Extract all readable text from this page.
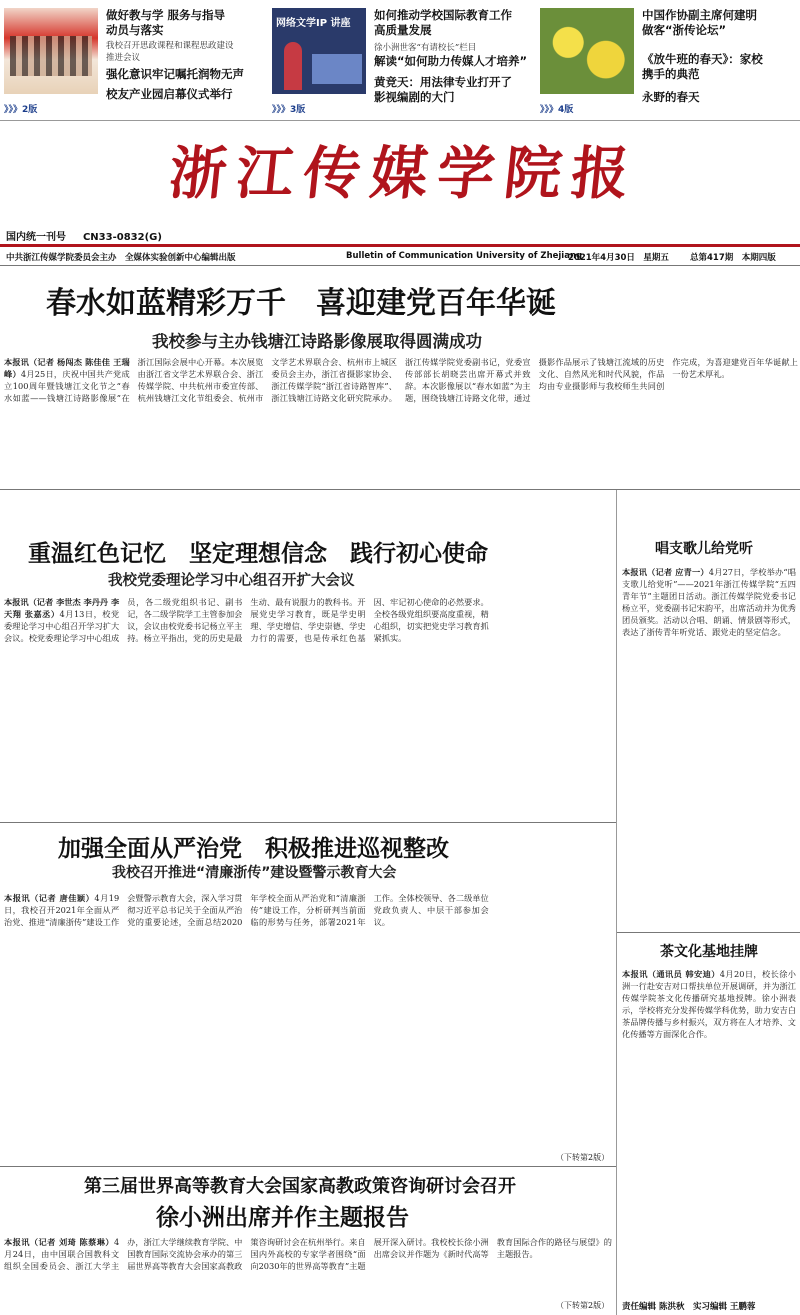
做好教与学 服务与指导
动员与落实
我校召开思政课程和课程思政建设
推进会议
强化意识牢记嘱托润物无声
校友产业园启幕仪式举行
》》》2版
网络文学IP 讲座
如何推动学校国际教育工作
高质量发展
徐小洲世客“有请校长”栏目
解读“如何助力传媒人才培养”
黄竞天：用法律专业打开了
影视编剧的大门
》》》3版
中国作协副主席何建明
做客“浙传论坛”
《放牛班的春天》：家校
携手的典范
永野的春天
》》》4版
浙江传媒学院报
国内统一刊号 CN33-0832(G)
中共浙江传媒学院委员会主办　全媒体实验创新中心编辑出版	Bulletin of Communication University of Zhejiang
2021年4月30日　星期五 总第417期　本期四版
春水如蓝精彩万千　喜迎建党百年华诞
我校参与主办钱塘江诗路影像展取得圆满成功
本报讯（记者 杨闯杰 陈佳佳 王瑞峰）4月25日，庆祝中国共产党成立100周年暨钱塘江文化节之“春水如蓝——钱塘江诗路影像展”在浙江国际会展中心开幕。本次展览由浙江省文学艺术界联合会、浙江传媒学院、中共杭州市委宣传部、杭州钱塘江文化节组委会、杭州市文学艺术界联合会、杭州市上城区委员会主办，浙江省摄影家协会、浙江传媒学院“浙江省诗路智库”、浙江钱塘江诗路文化研究院承办。浙江传媒学院党委副书记，党委宣传部部长胡晓芸出席开幕式并致辞。本次影像展以“春水如蓝”为主题，围绕钱塘江诗路文化带，通过摄影作品展示了钱塘江流域的历史文化、自然风光和时代风貌，作品均由专业摄影师与我校师生共同创作完成，为喜迎建党百年华诞献上一份艺术厚礼。
重温红色记忆　坚定理想信念　践行初心使命
我校党委理论学习中心组召开扩大会议
本报讯（记者 李世杰 李丹丹 李天翔 张嘉丞）4月13日，校党委理论学习中心组召开学习扩大会议。校党委理论学习中心组成员，各二级党组织书记、副书记，各二级学院学工主管参加会议，会议由校党委书记杨立平主持。杨立平指出，党的历史是最生动、最有说服力的教科书。开展党史学习教育，既是学史明理、学史增信、学史崇德、学史力行的需要，也是传承红色基因、牢记初心使命的必然要求。全校各级党组织要高度重视，精心组织，切实把党史学习教育抓紧抓实。
加强全面从严治党　积极推进巡视整改
我校召开推进“清廉浙传”建设暨警示教育大会
本报讯（记者 唐佳颖）4月19日，我校召开2021年全面从严治党、推进“清廉浙传”建设工作会暨警示教育大会，深入学习贯彻习近平总书记关于全面从严治党的重要论述，全面总结2020年学校全面从严治党和“清廉浙传”建设工作，分析研判当前面临的形势与任务，部署2021年工作。全体校领导、各二级单位党政负责人、中层干部参加会议。
（下转第2版）
第三届世界高等教育大会国家高教政策咨询研讨会召开
徐小洲出席并作主题报告
本报讯（记者 刘琦 陈蔡琳）4月24日，由中国联合国教科文组织全国委员会、浙江大学主办，浙江大学继续教育学院、中国教育国际交流协会承办的第三届世界高等教育大会国家高教政策咨询研讨会在杭州举行。来自国内外高校的专家学者围绕“面向2030年的世界高等教育”主题展开深入研讨。我校校长徐小洲出席会议并作题为《新时代高等教育国际合作的路径与展望》的主题报告。
（下转第2版）
唱支歌儿给党听
本报讯（记者 应青一）4月27日，学校举办“唱支歌儿给党听”——2021年浙江传媒学院“五四青年节”主题团日活动。浙江传媒学院党委书记杨立平，党委副书记宋韵平，出席活动并为优秀团员颁奖。活动以合唱、朗诵、情景剧等形式，表达了浙传青年听党话、跟党走的坚定信念。
茶文化基地挂牌
本报讯（通讯员 韩安迪）4月20日，校长徐小洲一行赴安吉对口帮扶单位开展调研，并为浙江传媒学院茶文化传播研究基地授牌。徐小洲表示，学校将充分发挥传媒学科优势，助力安吉白茶品牌传播与乡村振兴，双方将在人才培养、文化传播等方面深化合作。
责任编辑 陈洪秋　实习编辑 王鹏蓉
